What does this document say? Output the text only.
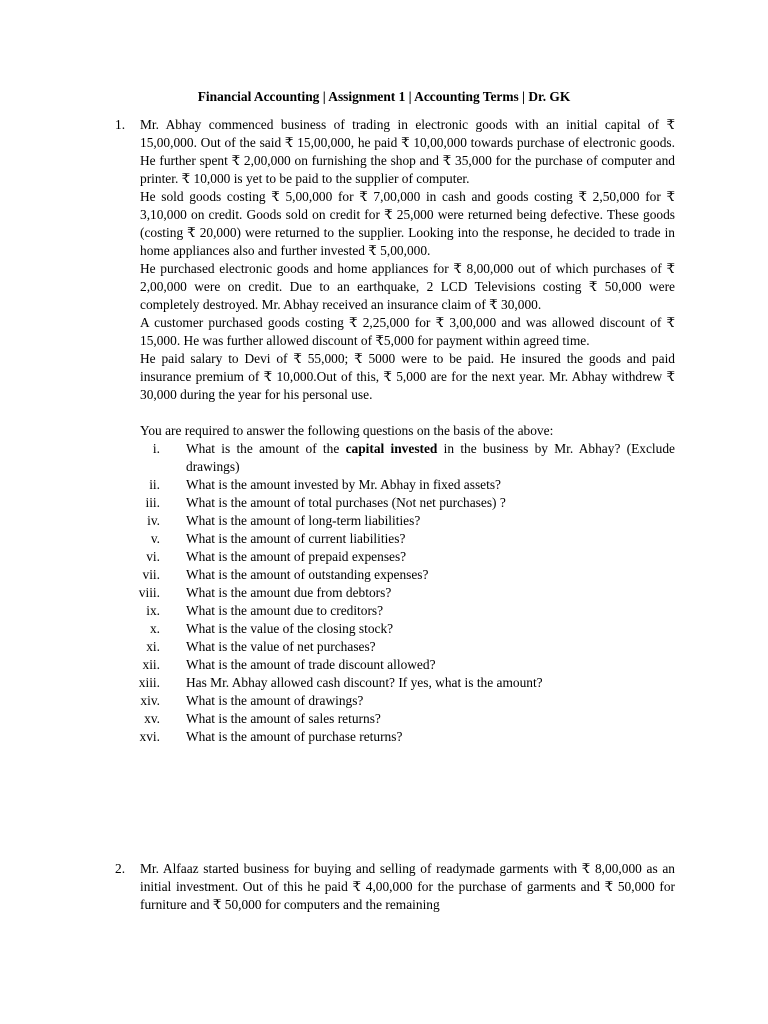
Financial Accounting | Assignment 1 | Accounting Terms | Dr. GK
1.	Mr. Abhay commenced business of trading in electronic goods with an initial capital of ₹ 15,00,000. Out of the said ₹ 15,00,000, he paid ₹ 10,00,000 towards purchase of electronic goods. He further spent ₹ 2,00,000 on furnishing the shop and ₹ 35,000 for the purchase of computer and printer. ₹ 10,000 is yet to be paid to the supplier of computer.

He sold goods costing ₹ 5,00,000 for ₹ 7,00,000 in cash and goods costing ₹ 2,50,000 for ₹ 3,10,000 on credit. Goods sold on credit for ₹ 25,000 were returned being defective. These goods (costing ₹ 20,000) were returned to the supplier. Looking into the response, he decided to trade in home appliances also and further invested ₹ 5,00,000.

He purchased electronic goods and home appliances for ₹ 8,00,000 out of which purchases of ₹ 2,00,000 were on credit. Due to an earthquake, 2 LCD Televisions costing ₹ 50,000 were completely destroyed. Mr. Abhay received an insurance claim of ₹ 30,000.

A customer purchased goods costing ₹ 2,25,000 for ₹ 3,00,000 and was allowed discount of ₹ 15,000. He was further allowed discount of ₹5,000 for payment within agreed time.

He paid salary to Devi of ₹ 55,000; ₹ 5000 were to be paid. He insured the goods and paid insurance premium of ₹ 10,000.Out of this, ₹ 5,000 are for the next year. Mr. Abhay withdrew ₹ 30,000 during the year for his personal use.

You are required to answer the following questions on the basis of the above:

i. What is the amount of the capital invested in the business by Mr. Abhay? (Exclude drawings)
ii. What is the amount invested by Mr. Abhay in fixed assets?
iii. What is the amount of total purchases (Not net purchases) ?
iv. What is the amount of long-term liabilities?
v. What is the amount of current liabilities?
vi. What is the amount of prepaid expenses?
vii. What is the amount of outstanding expenses?
viii. What is the amount due from debtors?
ix. What is the amount due to creditors?
x. What is the value of the closing stock?
xi. What is the value of net purchases?
xii. What is the amount of trade discount allowed?
xiii. Has Mr. Abhay allowed cash discount? If yes, what is the amount?
xiv. What is the amount of drawings?
xv. What is the amount of sales returns?
xvi. What is the amount of purchase returns?
2.	Mr. Alfaaz started business for buying and selling of readymade garments with ₹ 8,00,000 as an initial investment. Out of this he paid ₹ 4,00,000 for the purchase of garments and ₹ 50,000 for furniture and ₹ 50,000 for computers and the remaining
